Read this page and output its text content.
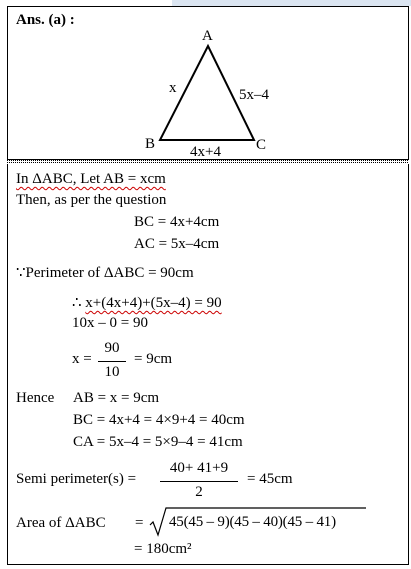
Ans. (a) :
A
B	C
x	5x–4
4x+4
In ΔABC, Let AB = xcm
Then, as per the question
BC = 4x+4cm
AC = 5x–4cm
∵Perimeter of ΔABC = 90cm
∴ x+(4x+4)+(5x–4) = 90
10x – 0 = 90
x =
90
10
= 9cm
Hence AB = x = 9cm
BC = 4x+4 = 4×9+4 = 40cm
CA = 5x–4 = 5×9–4 = 41cm
Semi perimeter(s) =
40+ 41+9
2
= 45cm
Area of ΔABC = 45(45 – 9)(45 – 40)(45 – 41)
= 180cm²
